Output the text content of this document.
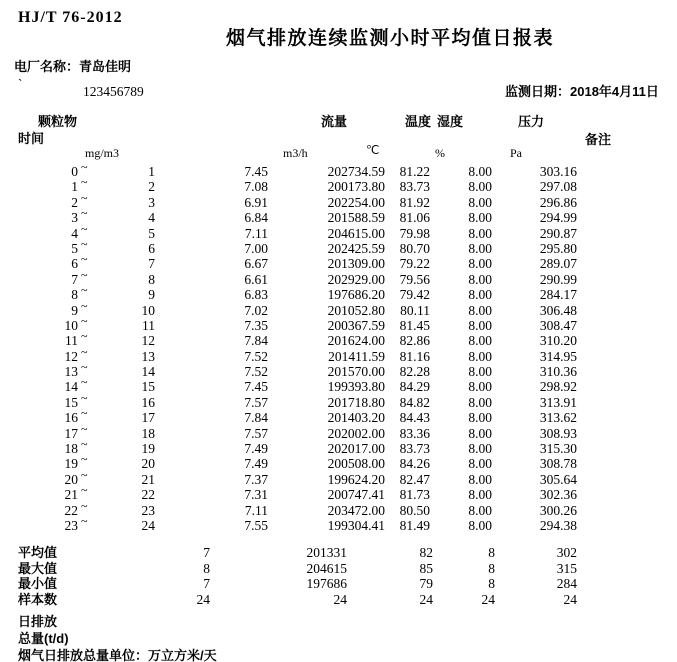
HJ/T 76-2012
烟气排放连续监测小时平均值日报表
电厂名称：青岛佳明
`
123456789	监测日期：2018年4月11日
颗粒物
时间
流量	温度 湿度	压力
备注
mg/m3	m3/h	℃	%	Pa
0 ~	1	7.45	202734.59	81.22	8.00	303.16
1 ~	2	7.08	200173.80	83.73	8.00	297.08
2 ~	3	6.91	202254.00	81.92	8.00	296.86
3 ~	4	6.84	201588.59	81.06	8.00	294.99
4 ~	5	7.11	204615.00	79.98	8.00	290.87
5 ~	6	7.00	202425.59	80.70	8.00	295.80
6 ~	7	6.67	201309.00	79.22	8.00	289.07
7 ~	8	6.61	202929.00	79.56	8.00	290.99
8 ~	9	6.83	197686.20	79.42	8.00	284.17
9 ~	10	7.02	201052.80	80.11	8.00	306.48
10 ~	11	7.35	200367.59	81.45	8.00	308.47
11 ~	12	7.84	201624.00	82.86	8.00	310.20
12 ~	13	7.52	201411.59	81.16	8.00	314.95
13 ~	14	7.52	201570.00	82.28	8.00	310.36
14 ~	15	7.45	199393.80	84.29	8.00	298.92
15 ~	16	7.57	201718.80	84.82	8.00	313.91
16 ~	17	7.84	201403.20	84.43	8.00	313.62
17 ~	18	7.57	202002.00	83.36	8.00	308.93
18 ~	19	7.49	202017.00	83.73	8.00	315.30
19 ~	20	7.49	200508.00	84.26	8.00	308.78
20 ~	21	7.37	199624.20	82.47	8.00	305.64
21 ~	22	7.31	200747.41	81.73	8.00	302.36
22 ~	23	7.11	203472.00	80.50	8.00	300.26
23 ~	24	7.55	199304.41	81.49	8.00	294.38
平均值	7	201331	82	8	302
最大值	8	204615	85	8	315
最小值	7	197686	79	8	284
样本数	24	24	24	24	24
日排放
总量(t/d)
烟气日排放总量单位：万立方米/天
